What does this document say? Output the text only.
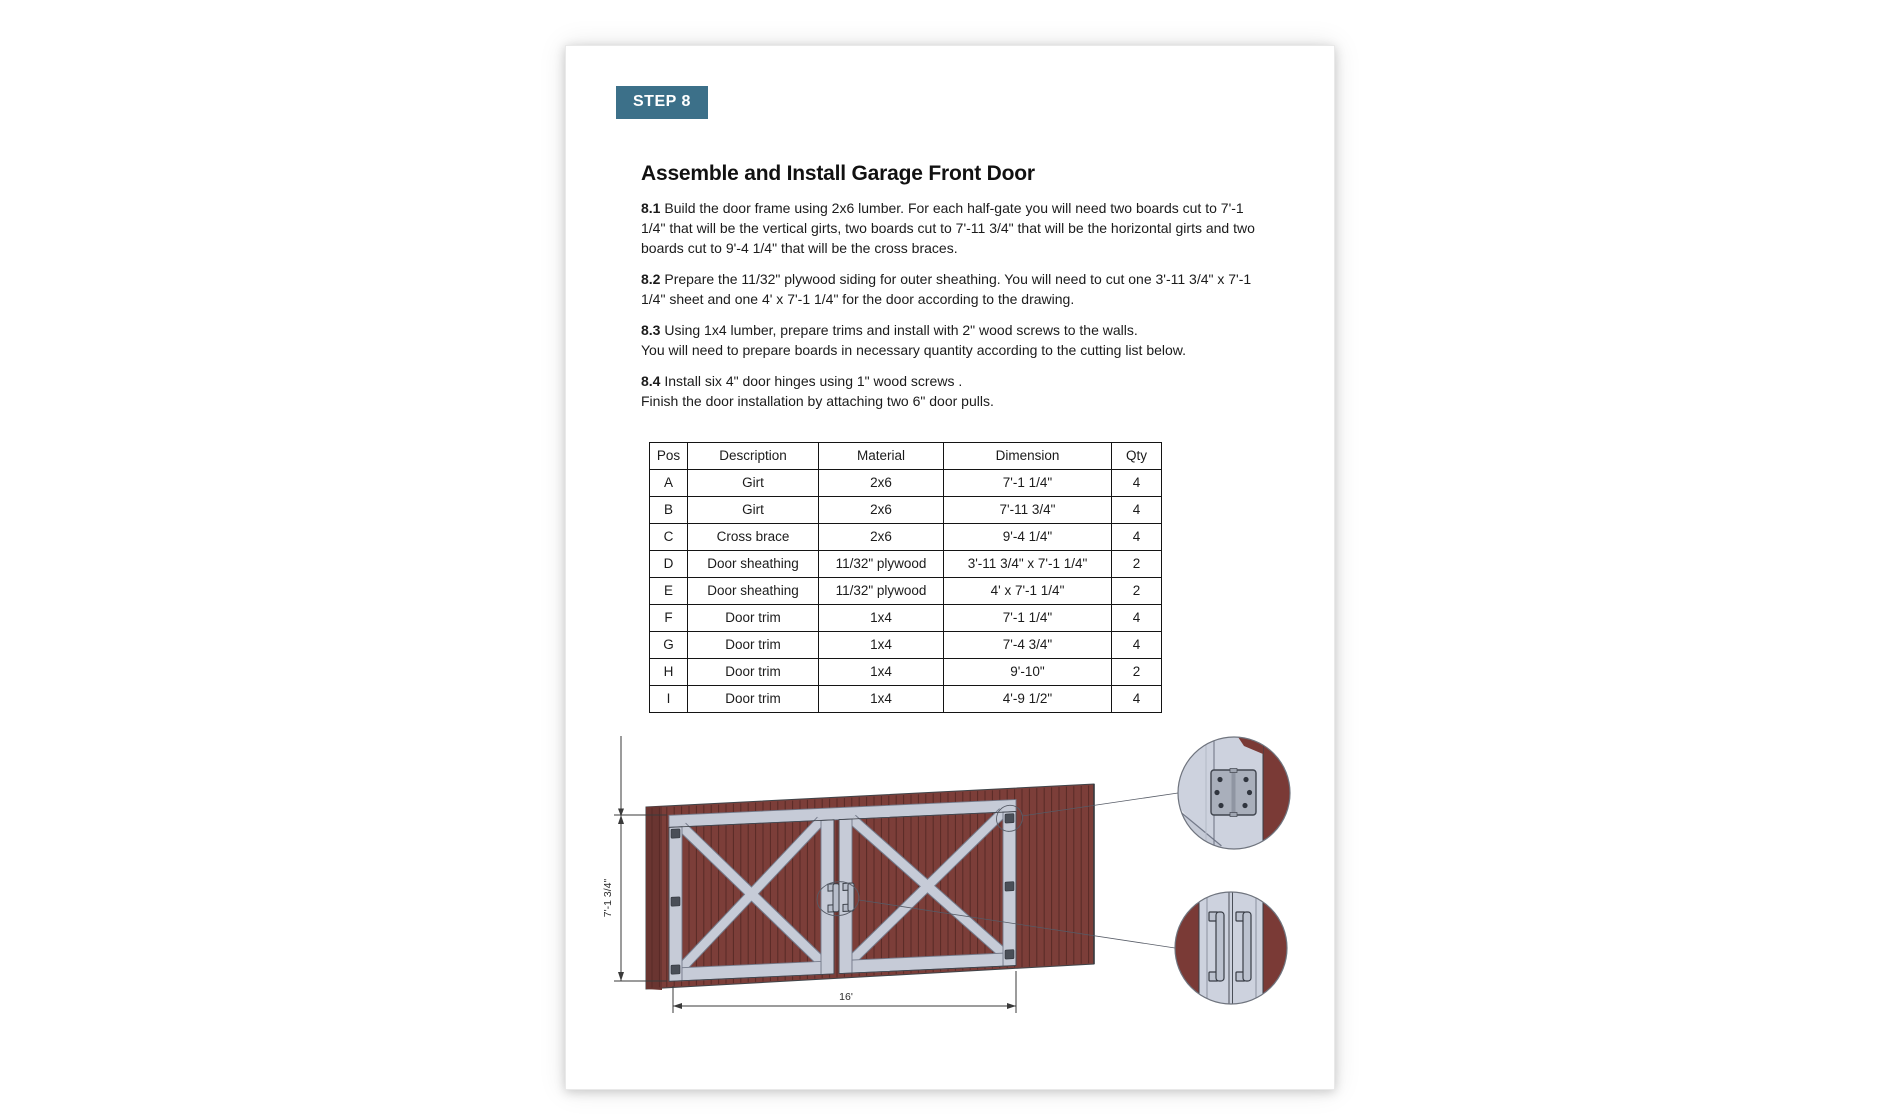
STEP 8
Assemble and Install Garage Front Door
8.1 Build the door frame using 2x6 lumber. For each half-gate you will need two boards cut to 7'-1 1/4" that will be the vertical girts, two boards cut to 7'-11 3/4" that will be the horizontal girts and two boards cut to 9'-4 1/4" that will be the cross braces.
8.2 Prepare the 11/32" plywood siding for outer sheathing. You will need to cut one 3'-11 3/4" x 7'-1 1/4" sheet and one 4' x 7'-1 1/4" for the door according to the drawing.
8.3 Using 1x4 lumber, prepare trims and install with 2" wood screws to the walls.
You will need to prepare boards in necessary quantity according to the cutting list below.
8.4 Install six 4" door hinges using 1" wood screws .
Finish the door installation by attaching two 6" door pulls.
Pos	Description	Material	Dimension	Qty
A	Girt	2x6	7'-1 1/4"	4
B	Girt	2x6	7'-11 3/4"	4
C	Cross brace	2x6	9'-4 1/4"	4
D	Door sheathing	11/32" plywood	3'-11 3/4" x 7'-1 1/4"	2
E	Door sheathing	11/32" plywood	4' x 7'-1 1/4"	2
F	Door trim	1x4	7'-1 1/4"	4
G	Door trim	1x4	7'-4 3/4"	4
H	Door trim	1x4	9'-10"	2
I	Door trim	1x4	4'-9 1/2"	4
7'-1 3/4"
16'
